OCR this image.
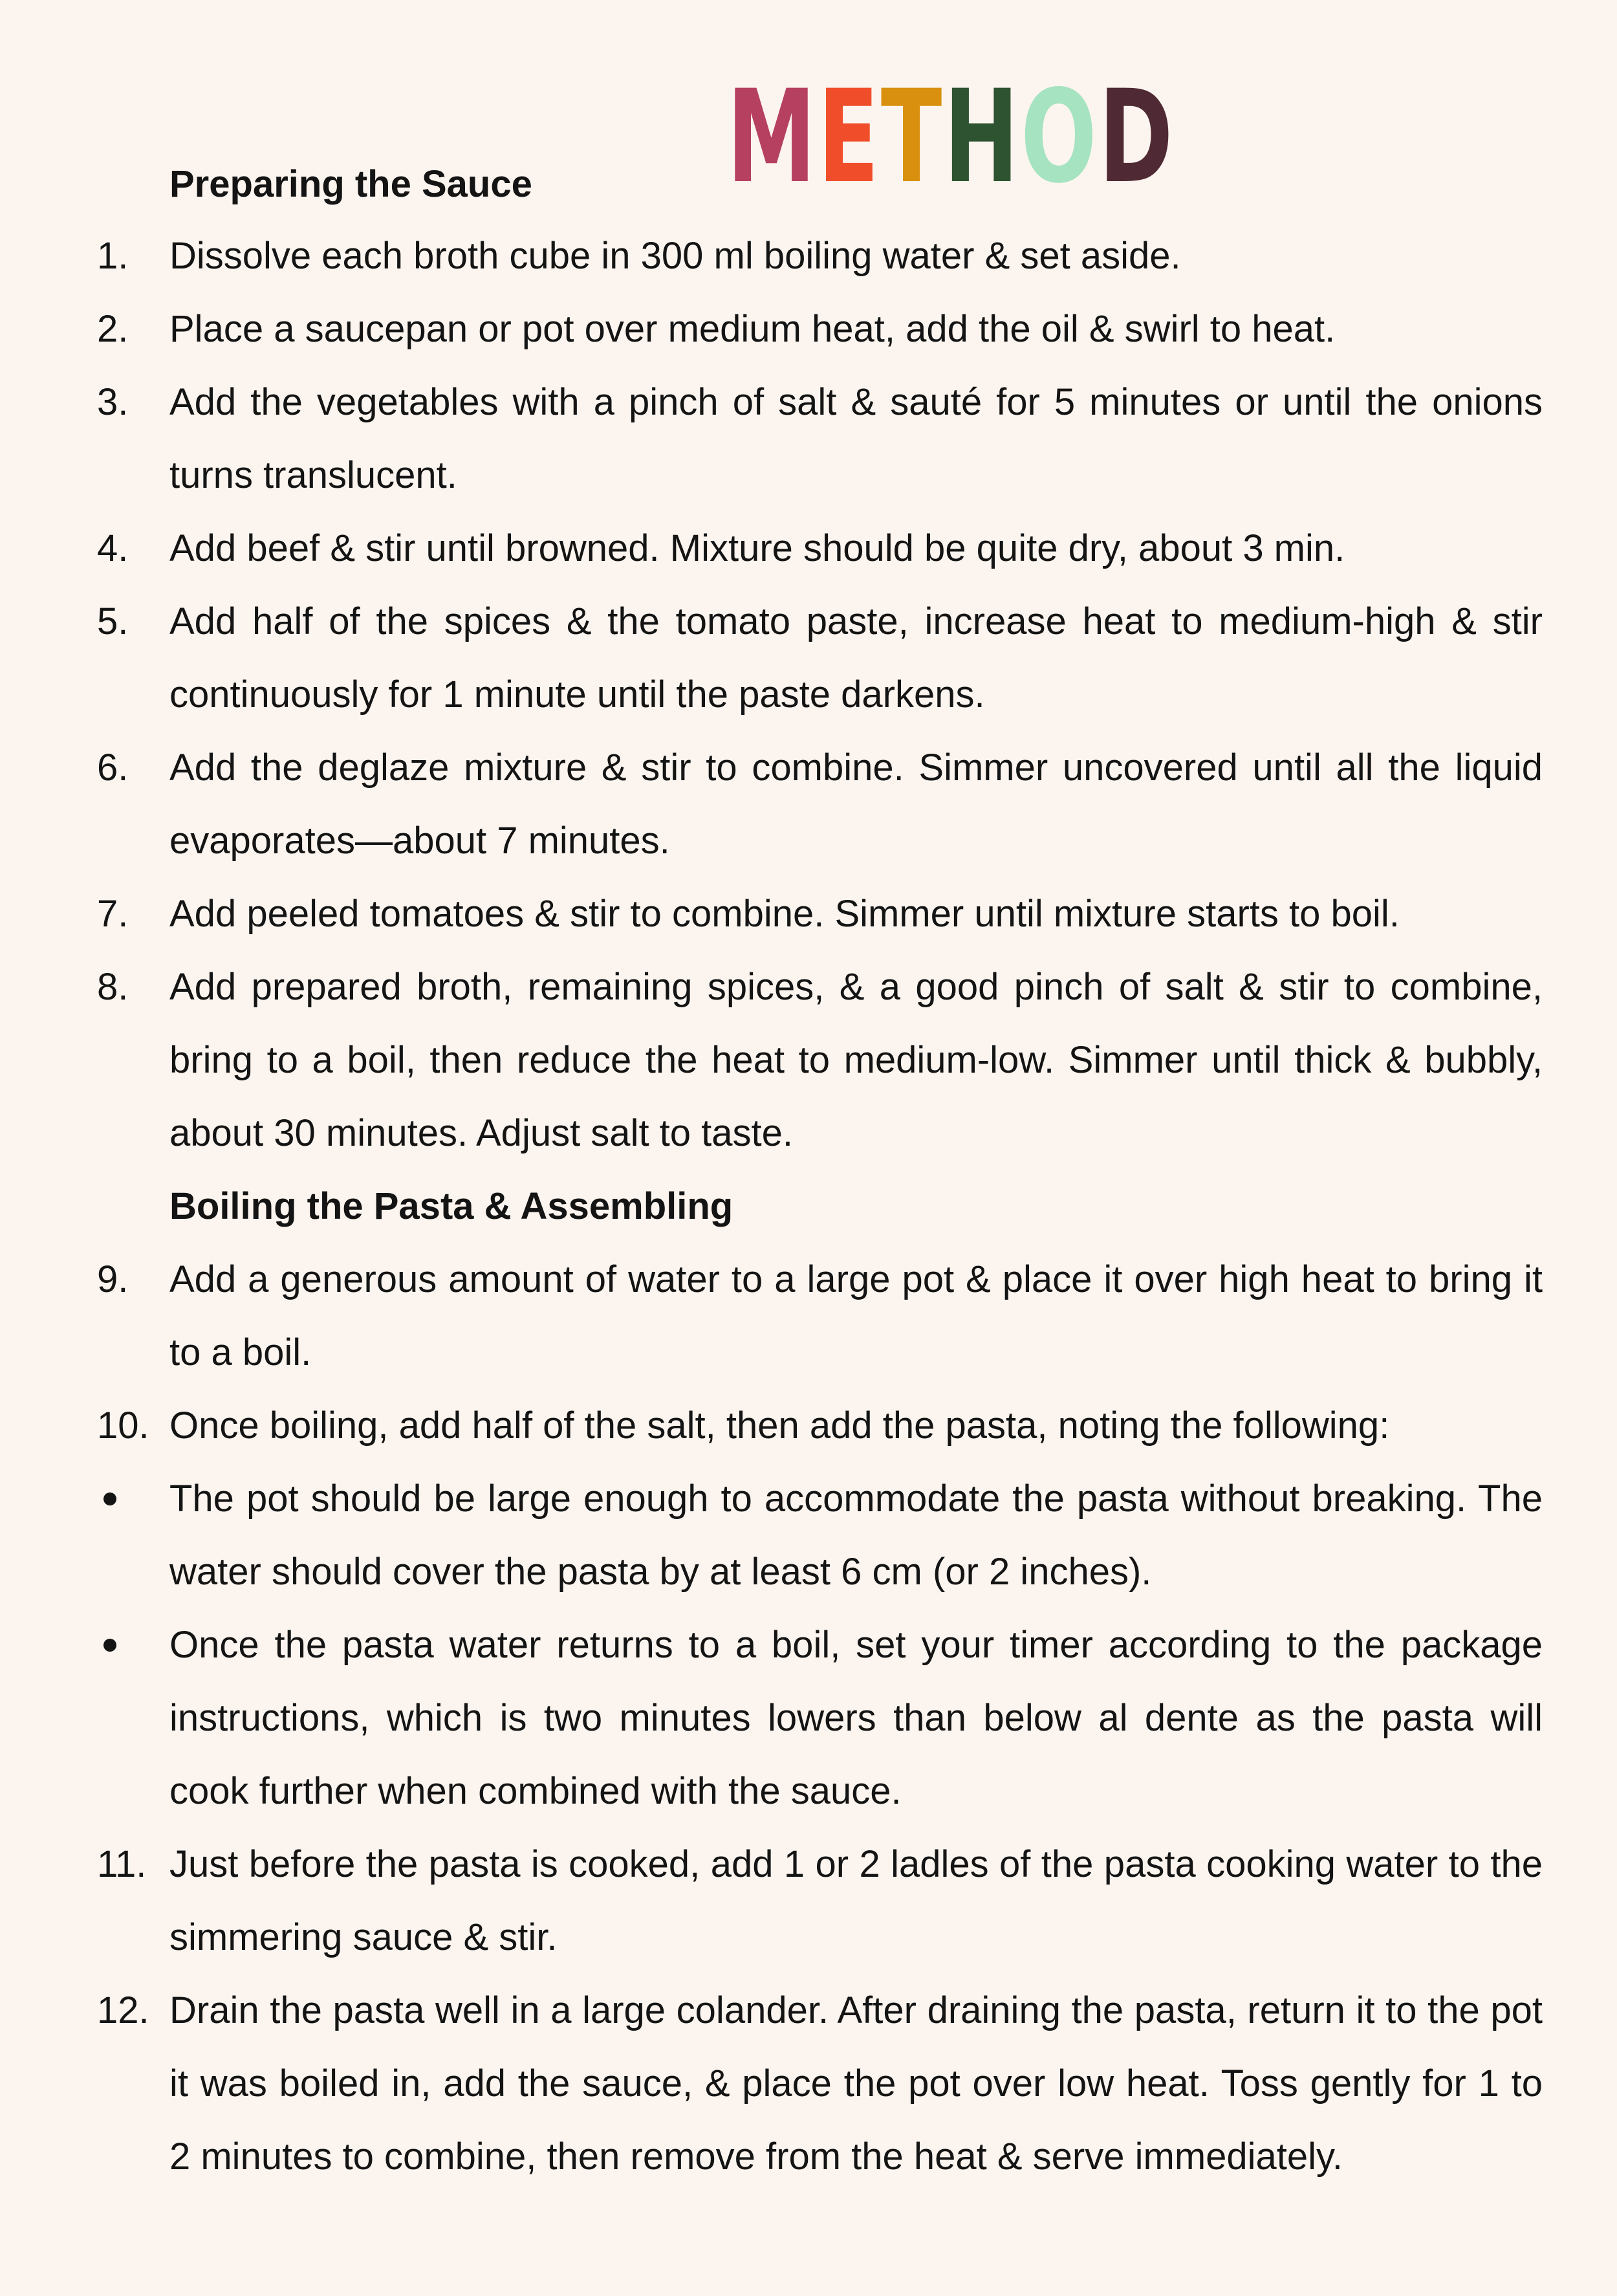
METHOD
Preparing the Sauce
1. Dissolve each broth cube in 300 ml boiling water & set aside.
2. Place a saucepan or pot over medium heat, add the oil & swirl to heat.
3. Add the vegetables with a pinch of salt & sauté for 5 minutes or until the onions turns translucent.
4. Add beef & stir until browned. Mixture should be quite dry, about 3 min.
5. Add half of the spices & the tomato paste, increase heat to medium-high & stir continuously for 1 minute until the paste darkens.
6. Add the deglaze mixture & stir to combine. Simmer uncovered until all the liquid evaporates—about 7 minutes.
7. Add peeled tomatoes & stir to combine. Simmer until mixture starts to boil.
8. Add prepared broth, remaining spices, & a good pinch of salt & stir to combine, bring to a boil, then reduce the heat to medium-low. Simmer until thick & bubbly, about 30 minutes. Adjust salt to taste.
Boiling the Pasta & Assembling
9. Add a generous amount of water to a large pot & place it over high heat to bring it to a boil.
10. Once boiling, add half of the salt, then add the pasta, noting the following:
The pot should be large enough to accommodate the pasta without breaking. The water should cover the pasta by at least 6 cm (or 2 inches).
Once the pasta water returns to a boil, set your timer according to the package instructions, which is two minutes lowers than below al dente as the pasta will cook further when combined with the sauce.
11. Just before the pasta is cooked, add 1 or 2 ladles of the pasta cooking water to the simmering sauce & stir.
12. Drain the pasta well in a large colander. After draining the pasta, return it to the pot it was boiled in, add the sauce, & place the pot over low heat. Toss gently for 1 to 2 minutes to combine, then remove from the heat & serve immediately.
